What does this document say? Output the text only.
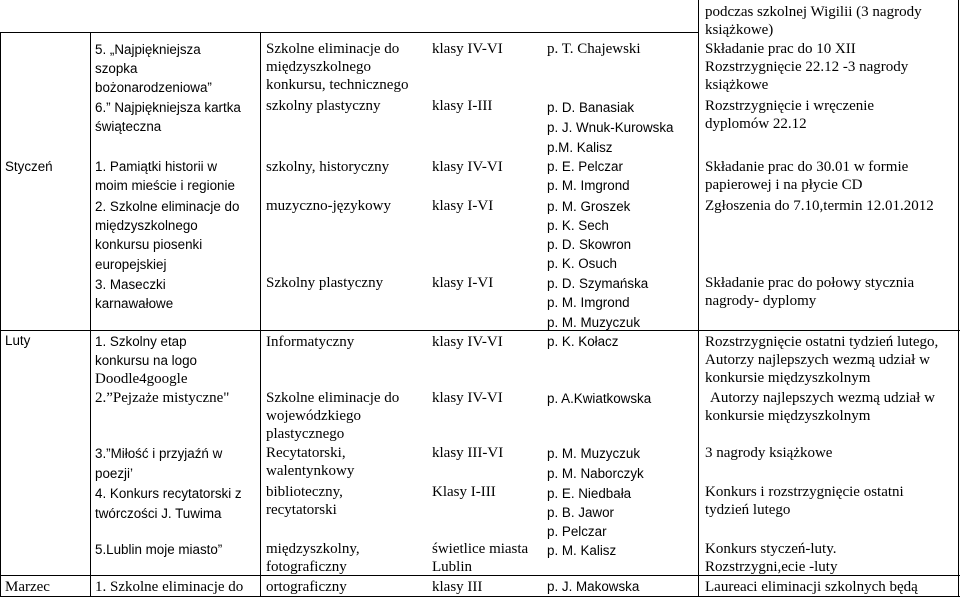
Styczeń
Luty
Marzec
5. „Najpiękniejsza
szopka
bożonarodzeniowa”
6.” Najpiękniejsza kartka
świąteczna
1. Pamiątki historii w
moim mieście i regionie
2. Szkolne eliminacje do
międzyszkolnego
konkursu piosenki
europejskiej
3. Maseczki
karnawałowe
1. Szkolny etap
konkursu na logo
Doodle4google
2.”Pejzaże mistyczne"
3.”Miłość i przyjaźń w
poezji’
4. Konkurs recytatorski z
twórczości J. Tuwima
5.Lublin moje miasto”
1. Szkolne eliminacje do
Szkolne eliminacje do
międzyszkolnego
konkursu, technicznego
szkolny plastyczny
szkolny, historyczny
muzyczno-językowy
Szkolny plastyczny
Informatyczny
Szkolne eliminacje do
wojewódzkiego
plastycznego
Recytatorski,
walentynkowy
biblioteczny,
recytatorski
międzyszkolny,
fotograficzny
ortograficzny
klasy IV-VI
klasy I-III
klasy IV-VI
klasy I-VI
klasy I-VI
klasy IV-VI
klasy IV-VI
klasy III-VI
Klasy I-III
świetlice miasta
Lublin
klasy III
p. T. Chajewski
p. D. Banasiak
p. J. Wnuk-Kurowska
p.M. Kalisz
p. E. Pelczar
p. M. Imgrond
p. M. Groszek
p. K. Sech
p. D. Skowron
p. K. Osuch
p. D. Szymańska
p. M. Imgrond
p. M. Muzyczuk
p. K. Kołacz
p. A.Kwiatkowska
p. M. Muzyczuk
p. M. Naborczyk
p. E. Niedbała
p. B. Jawor
p. Pelczar
p. M. Kalisz
p. J. Makowska
podczas szkolnej Wigilii (3 nagrody
książkowe)
Składanie prac do 10 XII
Rozstrzygnięcie 22.12 -3 nagrody
książkowe
Rozstrzygnięcie i wręczenie
dyplomów 22.12
Składanie prac do 30.01 w formie
papierowej i na płycie CD
Zgłoszenia do 7.10,termin 12.01.2012
Składanie prac do połowy stycznia
nagrody- dyplomy
Rozstrzygnięcie ostatni tydzień lutego,
Autorzy najlepszych wezmą udział w
konkursie międzyszkolnym
Autorzy najlepszych wezmą udział w
konkursie międzyszkolnym
3 nagrody książkowe
Konkurs i rozstrzygnięcie ostatni
tydzień lutego
Konkurs styczeń-luty.
Rozstrzygni,ecie -luty
Laureaci eliminacji szkolnych będą
